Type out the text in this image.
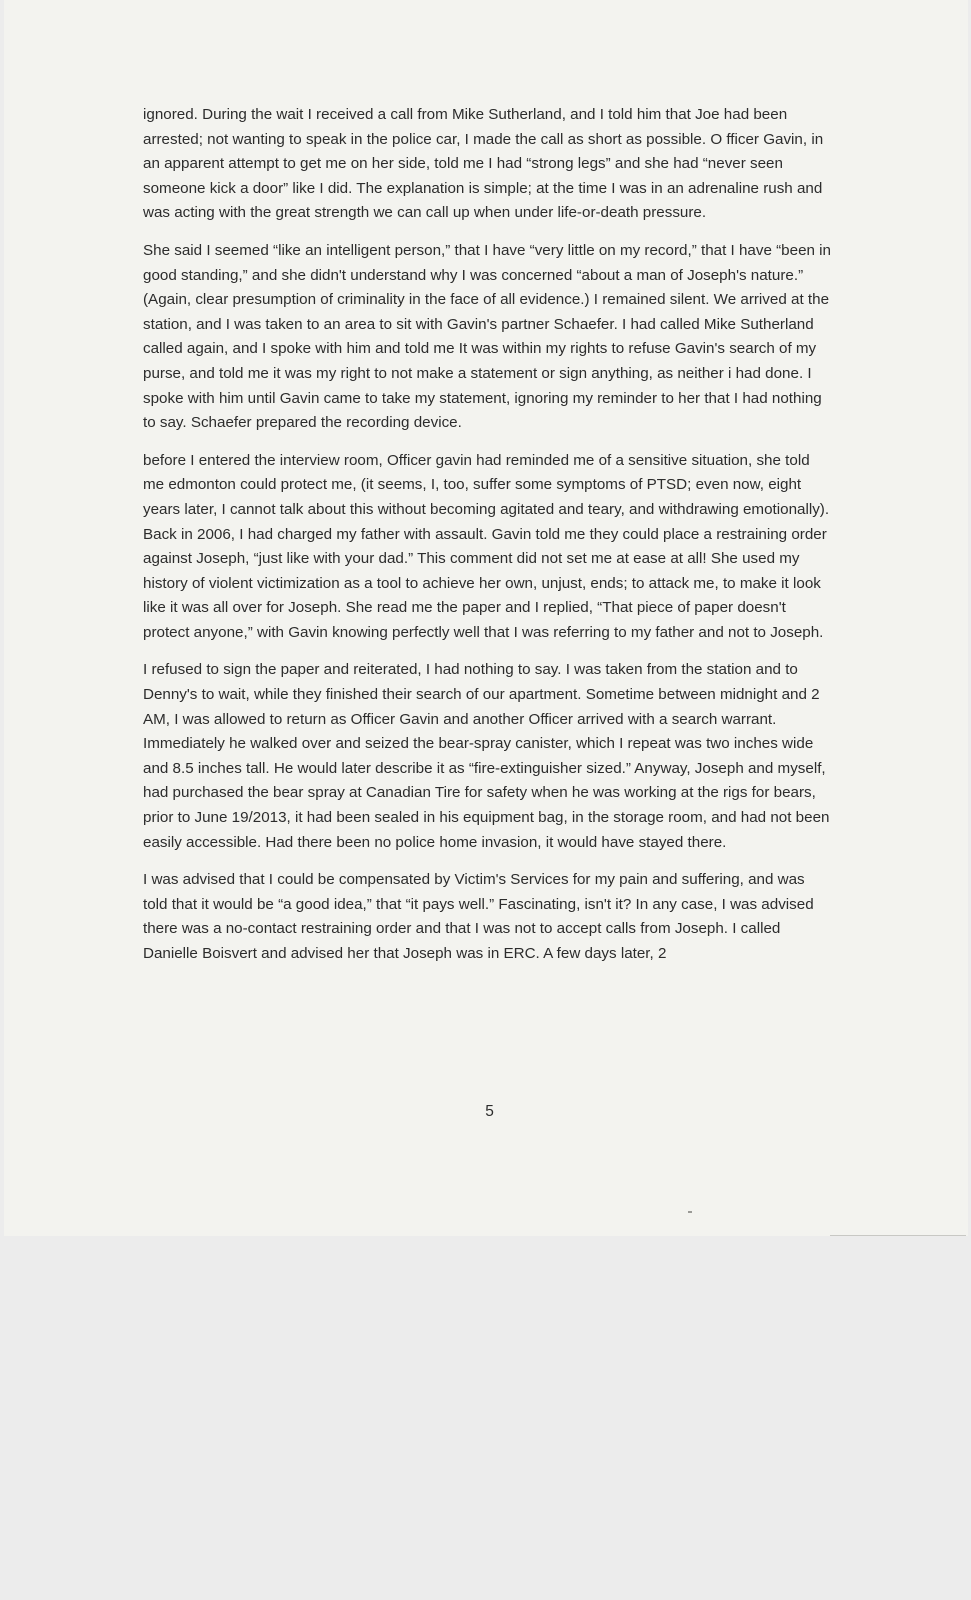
ignored. During the wait I received a call from Mike Sutherland, and I told him that Joe had been arrested; not wanting to speak in the police car, I made the call as short as possible. O fficer Gavin, in an apparent attempt to get me on her side, told me I had “strong legs” and she had “never seen someone kick a door” like I did. The explanation is simple; at the time I was in an adrenaline rush and was acting with the great strength we can call up when under life-or-death pressure.

She said I seemed “like an intelligent person,” that I have “very little on my record,” that I have “been in good standing,” and she didn't understand why I was concerned “about a man of Joseph's nature.” (Again, clear presumption of criminality in the face of all evidence.) I remained silent. We arrived at the station, and I was taken to an area to sit with Gavin's partner Schaefer. I had called Mike Sutherland called again, and I spoke with him and told me It was within my rights to refuse Gavin's search of my purse, and told me it was my right to not make a statement or sign anything, as neither i had done. I spoke with him until Gavin came to take my statement, ignoring my reminder to her that I had nothing to say. Schaefer prepared the recording device.

before I entered the interview room, Officer gavin had reminded me of a sensitive situation, she told me edmonton could protect me, (it seems, I, too, suffer some symptoms of PTSD; even now, eight years later, I cannot talk about this without becoming agitated and teary, and withdrawing emotionally). Back in 2006, I had charged my father with assault. Gavin told me they could place a restraining order against Joseph, “just like with your dad.” This comment did not set me at ease at all! She used my history of violent victimization as a tool to achieve her own, unjust, ends; to attack me, to make it look like it was all over for Joseph. She read me the paper and I replied, “That piece of paper doesn't protect anyone,” with Gavin knowing perfectly well that I was referring to my father and not to Joseph.

I refused to sign the paper and reiterated, I had nothing to say. I was taken from the station and to Denny's to wait, while they finished their search of our apartment. Sometime between midnight and 2 AM, I was allowed to return as Officer Gavin and another Officer arrived with a search warrant. Immediately he walked over and seized the bear-spray canister, which I repeat was two inches wide and 8.5 inches tall. He would later describe it as “fire-extinguisher sized.” Anyway, Joseph and myself, had purchased the bear spray at Canadian Tire for safety when he was working at the rigs for bears, prior to June 19/2013, it had been sealed in his equipment bag, in the storage room, and had not been easily accessible. Had there been no police home invasion, it would have stayed there.

I was advised that I could be compensated by Victim's Services for my pain and suffering, and was told that it would be “a good idea,” that “it pays well.” Fascinating, isn't it? In any case, I was advised there was a no-contact restraining order and that I was not to accept calls from Joseph. I called Danielle Boisvert and advised her that Joseph was in ERC. A few days later, 2

5
